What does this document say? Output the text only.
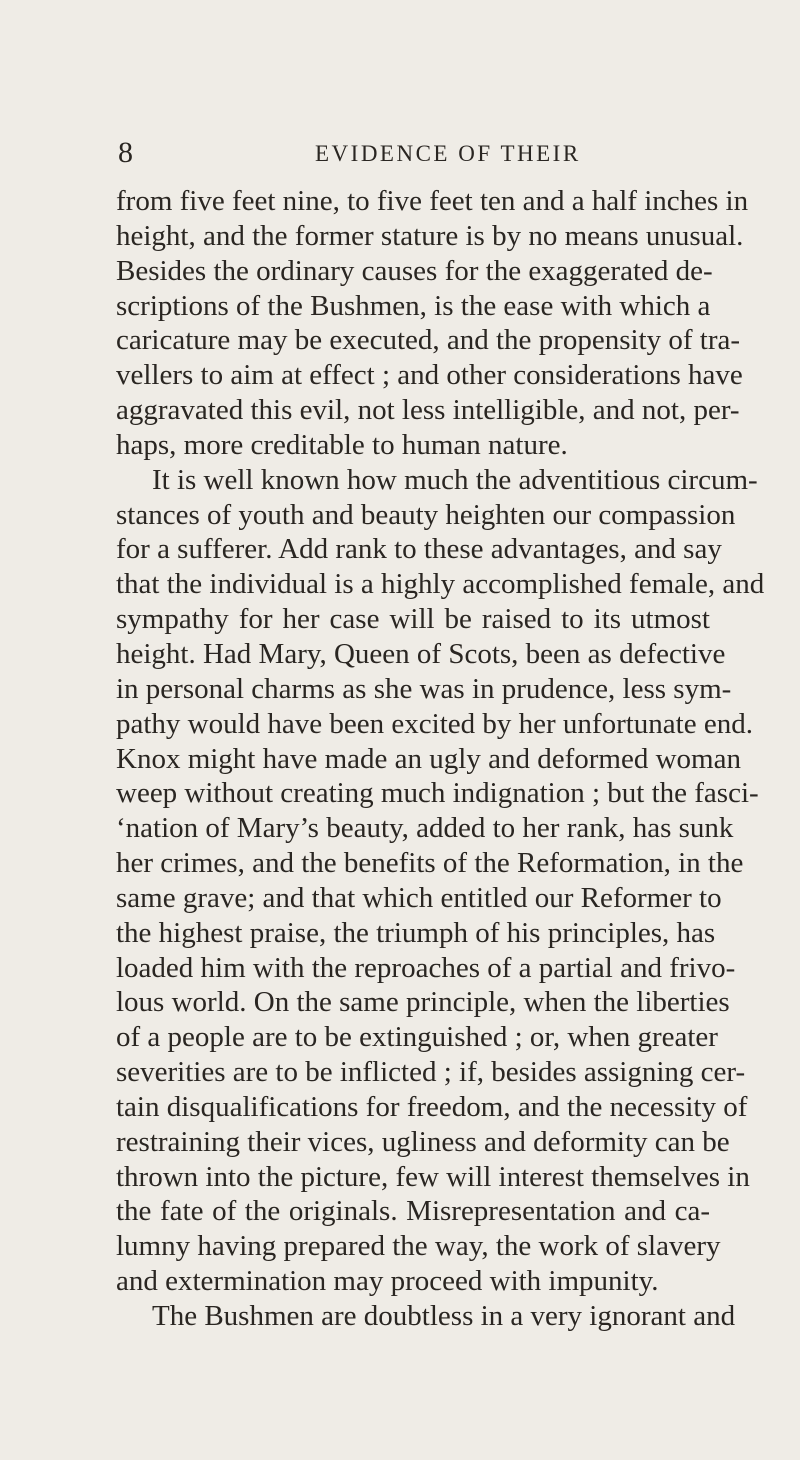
8	EVIDENCE OF THEIR
from five feet nine, to five feet ten and a half inches in
height, and the former stature is by no means unusual.
Besides the ordinary causes for the exaggerated de-
scriptions of the Bushmen, is the ease with which a
caricature may be executed, and the propensity of tra-
vellers to aim at effect ; and other considerations have
aggravated this evil, not less intelligible, and not, per-
haps, more creditable to human nature.
It is well known how much the adventitious circum-
stances of youth and beauty heighten our compassion
for a sufferer. Add rank to these advantages, and say
that the individual is a highly accomplished female, and
sympathy for her case will be raised to its utmost
height. Had Mary, Queen of Scots, been as defective
in personal charms as she was in prudence, less sym-
pathy would have been excited by her unfortunate end.
Knox might have made an ugly and deformed woman
weep without creating much indignation ; but the fasci-
‘nation of Mary’s beauty, added to her rank, has sunk
her crimes, and the benefits of the Reformation, in the
same grave; and that which entitled our Reformer to
the highest praise, the triumph of his principles, has
loaded him with the reproaches of a partial and frivo-
lous world. On the same principle, when the liberties
of a people are to be extinguished ; or, when greater
severities are to be inflicted ; if, besides assigning cer-
tain disqualifications for freedom, and the necessity of
restraining their vices, ugliness and deformity can be
thrown into the picture, few will interest themselves in
the fate of the originals. Misrepresentation and ca-
lumny having prepared the way, the work of slavery
and extermination may proceed with impunity.
The Bushmen are doubtless in a very ignorant and
